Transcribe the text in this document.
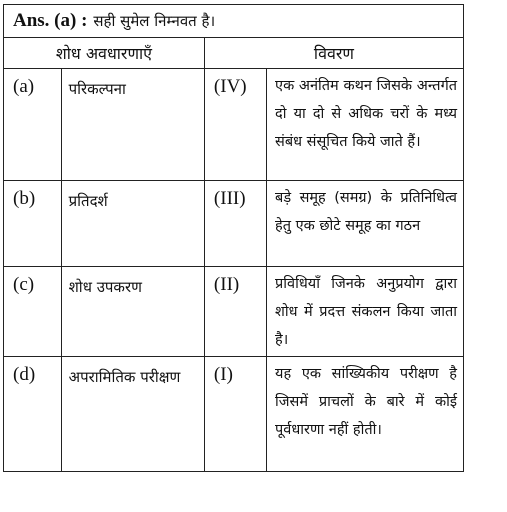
Ans. (a) : सही सुमेल निम्नवत है।
शोध अवधारणाएँ		विवरण	
(a)	परिकल्पना	(IV)	एक अनंतिम कथन जिसके अन्तर्गत दो या दो से अधिक चरों के मध्य संबंध संसूचित किये जाते हैं।
(b)	प्रतिदर्श	(III)	बड़े समूह (समग्र) के प्रतिनिधित्व हेतु एक छोटे समूह का गठन
(c)	शोध उपकरण	(II)	प्रविधियाँ जिनके अनुप्रयोग द्वारा शोध में प्रदत्त संकलन किया जाता है।
(d)	अपरामितिक परीक्षण	(I)	यह एक सांख्यिकीय परीक्षण है जिसमें प्राचलों के बारे में कोई पूर्वधारणा नहीं होती।
